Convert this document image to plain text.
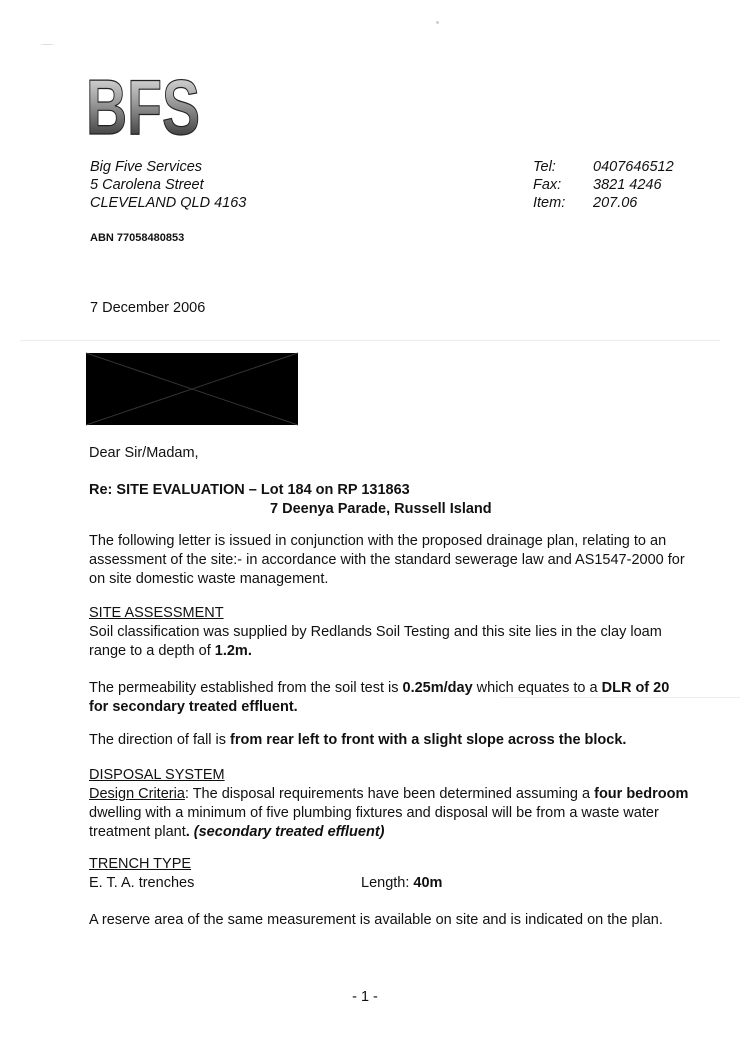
BFS
Big Five Services
5 Carolena Street
CLEVELAND QLD 4163
Tel:	0407646512
Fax:	3821 4246
Item:	207.06
ABN 77058480853
7 December 2006
Dear Sir/Madam,
Re: SITE EVALUATION – Lot 184 on RP 131863
7 Deenya Parade, Russell Island
The following letter is issued in conjunction with the proposed drainage plan, relating to an assessment of the site:- in accordance with the standard sewerage law and AS1547-2000 for on site domestic waste management.
SITE ASSESSMENT
Soil classification was supplied by Redlands Soil Testing and this site lies in the clay loam range to a depth of 1.2m.
The permeability established from the soil test is 0.25m/day which equates to a DLR of 20 for secondary treated effluent.
The direction of fall is from rear left to front with a slight slope across the block.
DISPOSAL SYSTEM
Design Criteria: The disposal requirements have been determined assuming a four bedroom dwelling with a minimum of five plumbing fixtures and disposal will be from a waste water treatment plant. (secondary treated effluent)
TRENCH TYPE
E. T. A. trenches	Length: 40m
A reserve area of the same measurement is available on site and is indicated on the plan.
- 1 -
